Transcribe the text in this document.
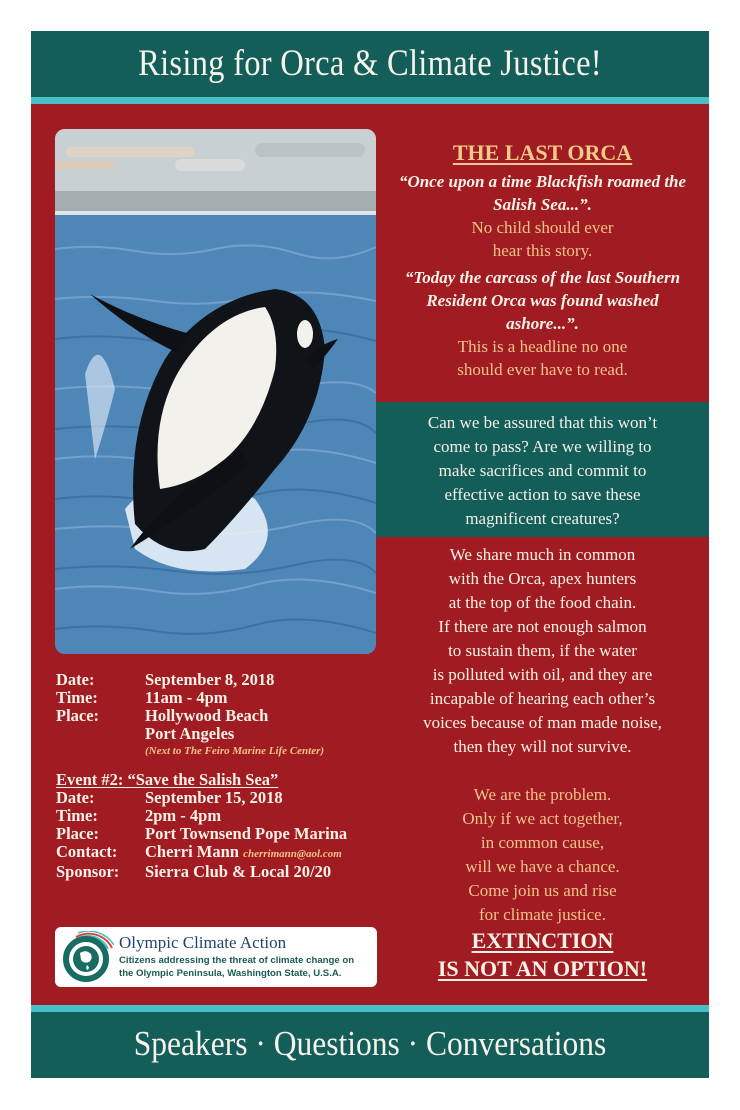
Rising for Orca & Climate Justice!
THE LAST ORCA
“Once upon a time Blackfish roamed the Salish Sea...”.
No child should ever
hear this story.
“Today the carcass of the last Southern Resident Orca was found washed ashore...”.
This is a headline no one
should ever have to read.
Can we be assured that this won’t
come to pass? Are we willing to
make sacrifices and commit to
effective action to save these
magnificent creatures?
We share much in common
with the Orca, apex hunters
at the top of the food chain.
If there are not enough salmon
to sustain them, if the water
is polluted with oil, and they are
incapable of hearing each other’s
voices because of man made noise,
then they will not survive.
We are the problem.
Only if we act together,
in common cause,
will we have a chance.
Come join us and rise
for climate justice.
EXTINCTION
IS NOT AN OPTION!
Date:	September 8, 2018
Time:	11am - 4pm
Place:	Hollywood Beach
Port Angeles
(Next to The Feiro Marine Life Center)
Event #2: “Save the Salish Sea”
Date:	September 15, 2018
Time:	2pm - 4pm
Place:	Port Townsend Pope Marina
Contact:	Cherri Mann cherrimann@aol.com
Sponsor:	Sierra Club & Local 20/20
Olympic Climate Action
Citizens addressing the threat of climate change on
the Olympic Peninsula, Washington State, U.S.A.
Speakers · Questions · Conversations
